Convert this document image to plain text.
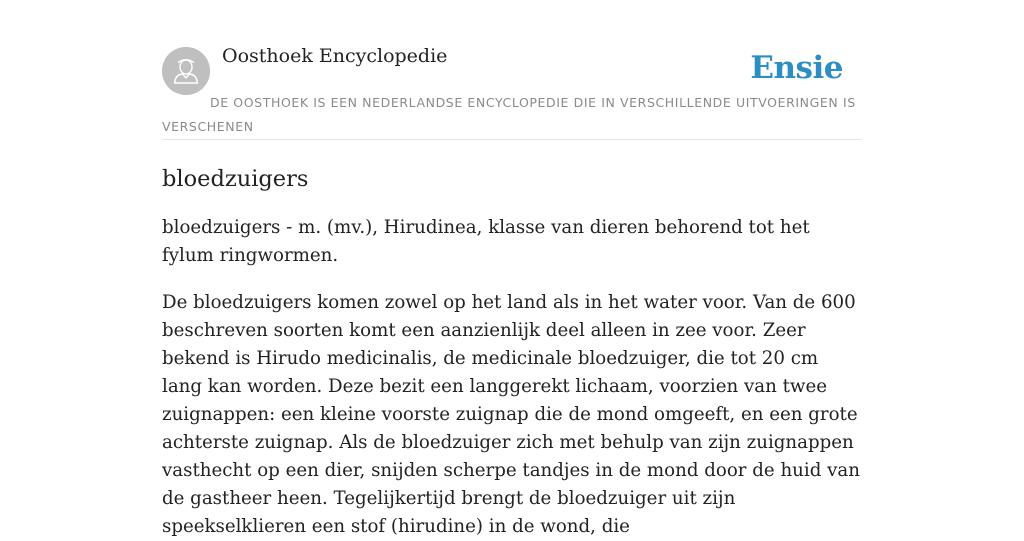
Oosthoek Encyclopedie	Ensie
DE OOSTHOEK IS EEN NEDERLANDSE ENCYCLOPEDIE DIE IN VERSCHILLENDE UITVOERINGEN IS VERSCHENEN
bloedzuigers

bloedzuigers - m. (mv.), Hirudinea, klasse van dieren behorend tot het fylum ringwormen.

De bloedzuigers komen zowel op het land als in het water voor. Van de 600 beschreven soorten komt een aanzienlijk deel alleen in zee voor. Zeer bekend is Hirudo medicinalis, de medicinale bloedzuiger, die tot 20 cm lang kan worden. Deze bezit een langgerekt lichaam, voorzien van twee zuignappen: een kleine voorste zuignap die de mond omgeeft, en een grote achterste zuignap. Als de bloedzuiger zich met behulp van zijn zuignappen vasthecht op een dier, snijden scherpe tandjes in de mond door de huid van de gastheer heen. Tegelijkertijd brengt de bloedzuiger uit zijn speekselklieren een stof (hirudine) in de wond, die
